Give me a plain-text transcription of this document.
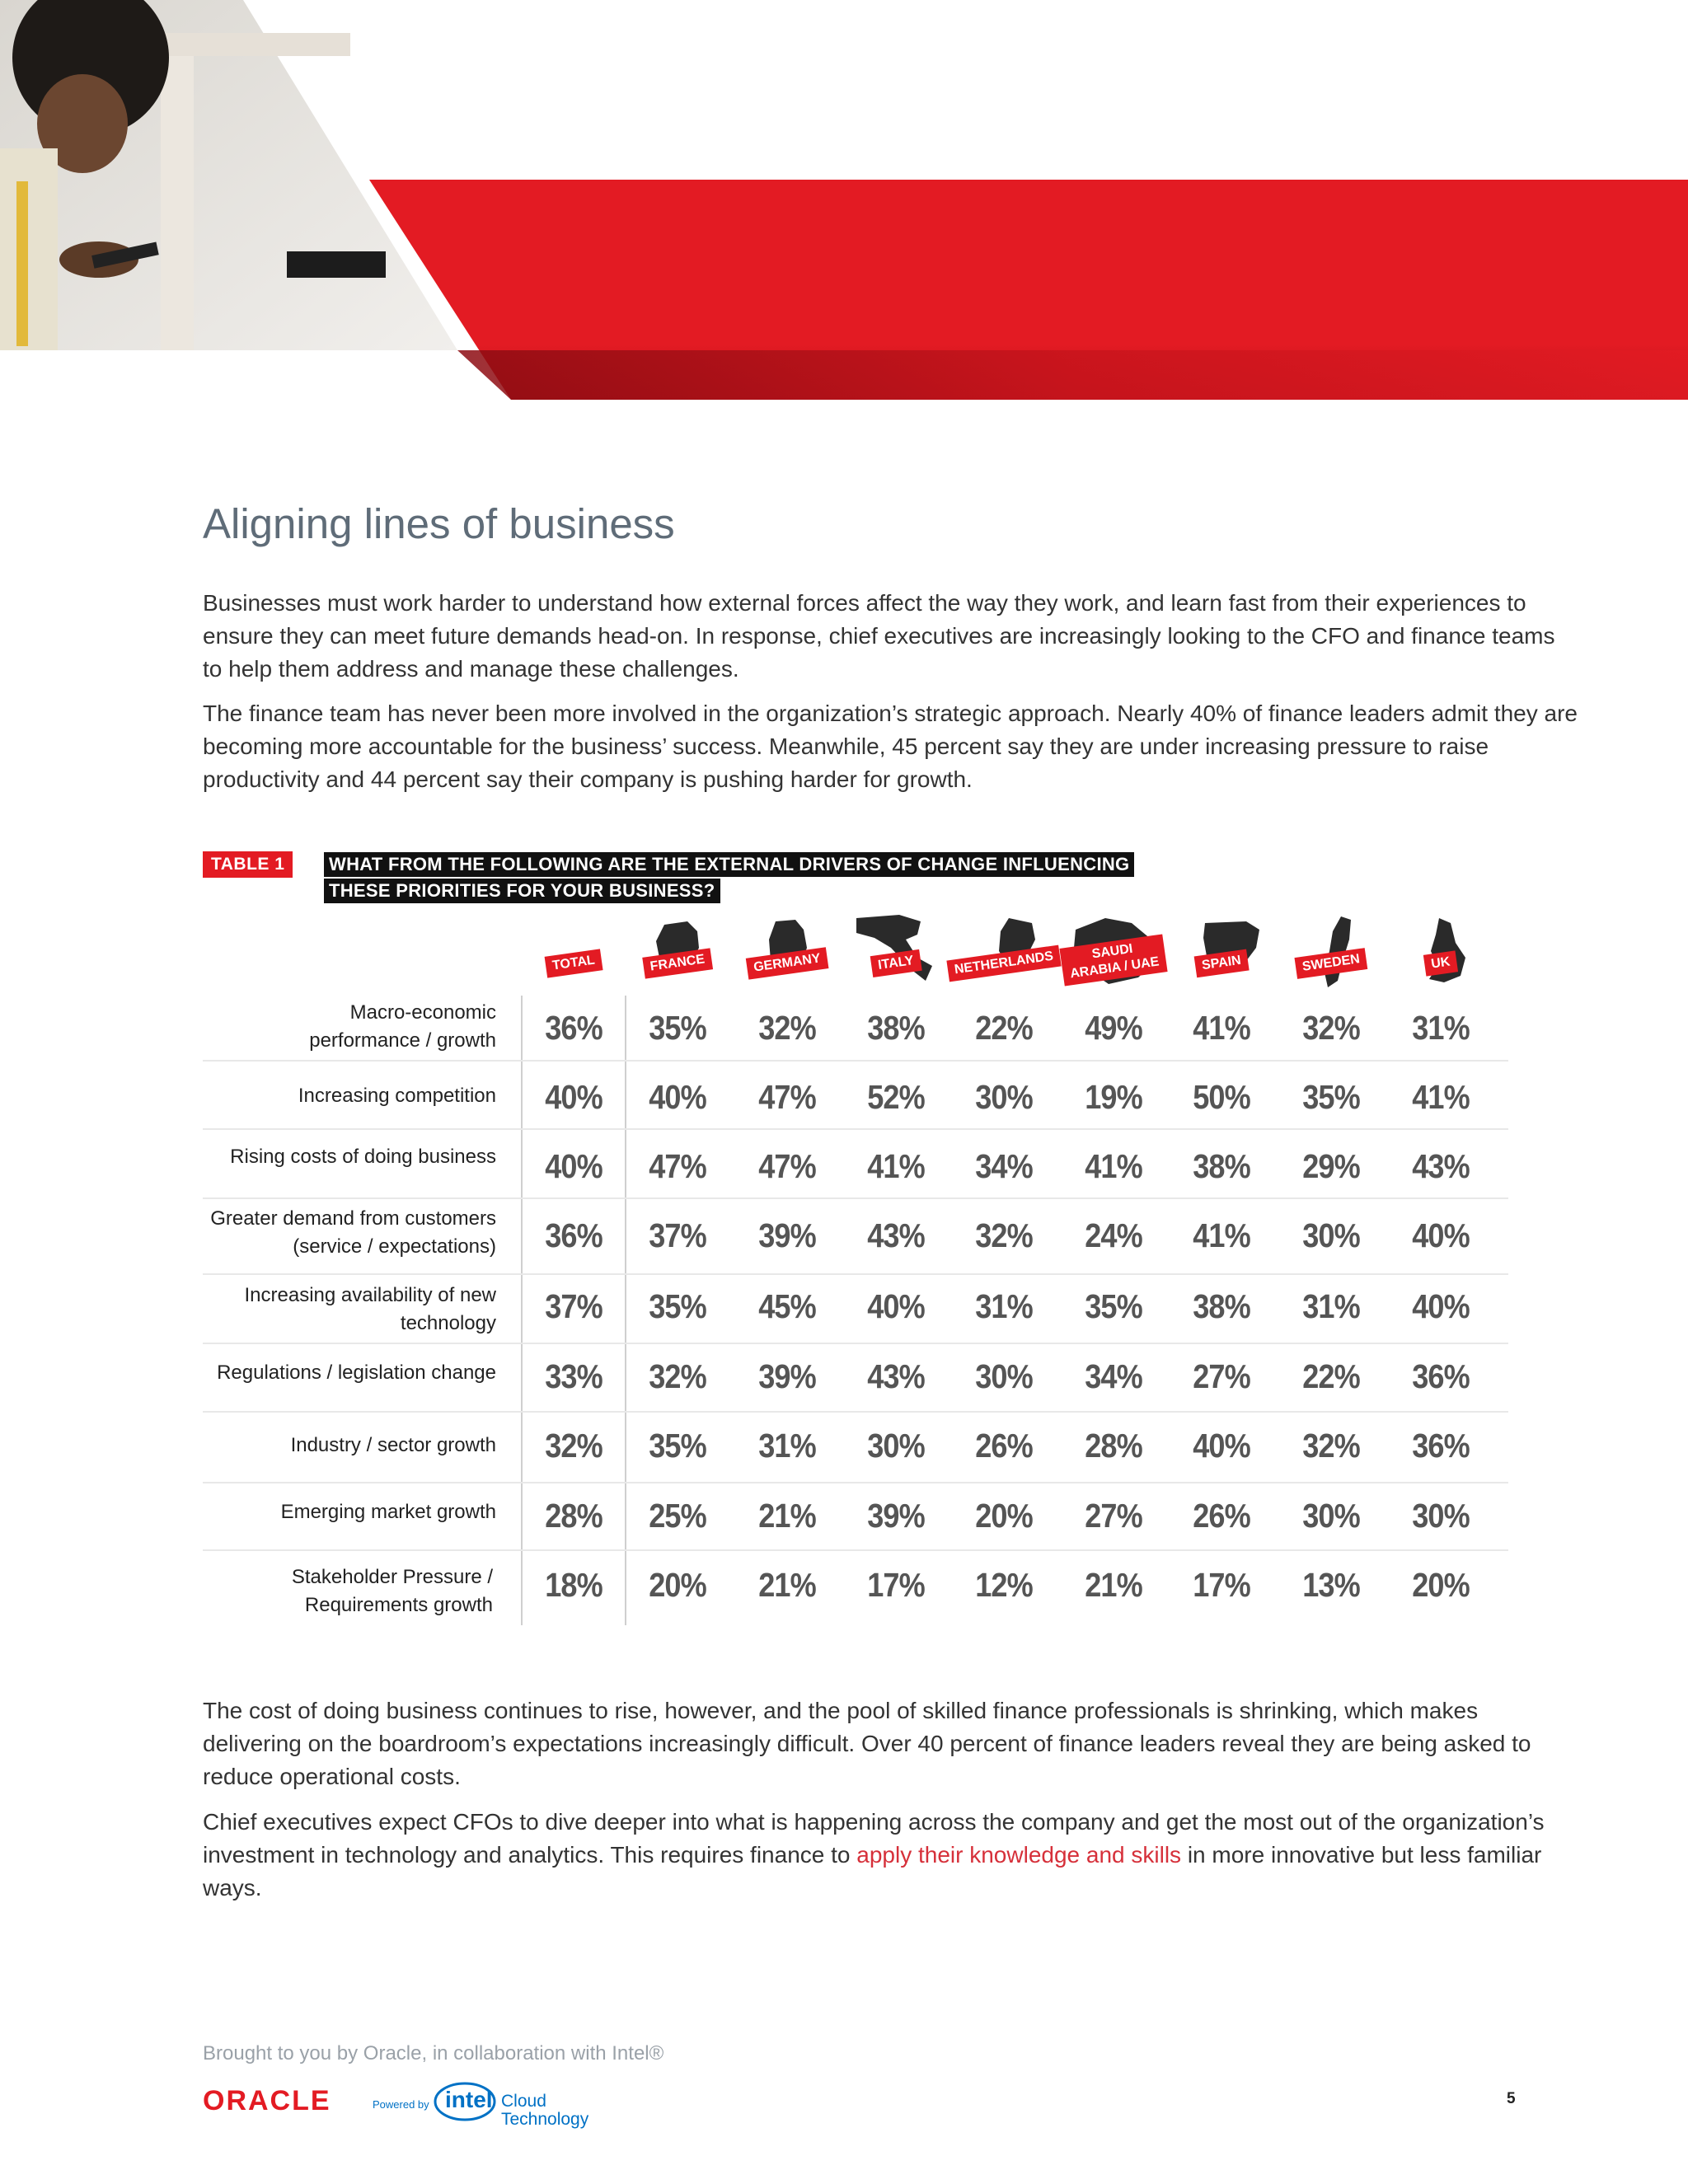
Aligning lines of business

Businesses must work harder to understand how external forces affect the way they work, and learn fast from their experiences to ensure they can meet future demands head-on. In response, chief executives are increasingly looking to the CFO and finance teams to help them address and manage these challenges.

The finance team has never been more involved in the organization’s strategic approach. Nearly 40% of finance leaders admit they are becoming more accountable for the business’ success. Meanwhile, 45 percent say they are under increasing pressure to raise productivity and 44 percent say their company is pushing harder for growth.

TABLE 1	WHAT FROM THE FOLLOWING ARE THE EXTERNAL DRIVERS OF CHANGE INFLUENCING
THESE PRIORITIES FOR YOUR BUSINESS?
TOTAL	FRANCE	GERMANY	ITALY	NETHERLANDS	SAUDI ARABIA / UAE	SPAIN	SWEDEN	UK
Macro-economic
performance / growth	36%	35%	32%	38%	22%	49%	41%	32%	31%
Increasing competition	40%	40%	47%	52%	30%	19%	50%	35%	41%
Rising costs of doing business	40%	47%	47%	41%	34%	41%	38%	29%	43%
Greater demand from customers
(service / expectations)	36%	37%	39%	43%	32%	24%	41%	30%	40%
Increasing availability of new
technology	37%	35%	45%	40%	31%	35%	38%	31%	40%
Regulations / legislation change	33%	32%	39%	43%	30%	34%	27%	22%	36%
Industry / sector growth	32%	35%	31%	30%	26%	28%	40%	32%	36%
Emerging market growth	28%	25%	21%	39%	20%	27%	26%	30%	30%
Stakeholder Pressure /
Requirements growth
18%	20%	21%	17%	12%	21%	17%	13%	20%

The cost of doing business continues to rise, however, and the pool of skilled finance professionals is shrinking, which makes delivering on the boardroom’s expectations increasingly difficult. Over 40 percent of finance leaders reveal they are being asked to reduce operational costs.

Chief executives expect CFOs to dive deeper into what is happening across the company and get the most out of the organization’s investment in technology and analytics. This requires finance to apply their knowledge and skills in more innovative but less familiar ways.

Brought to you by Oracle, in collaboration with Intel®
ORACLE	Powered by intel Cloud
Technology
5
